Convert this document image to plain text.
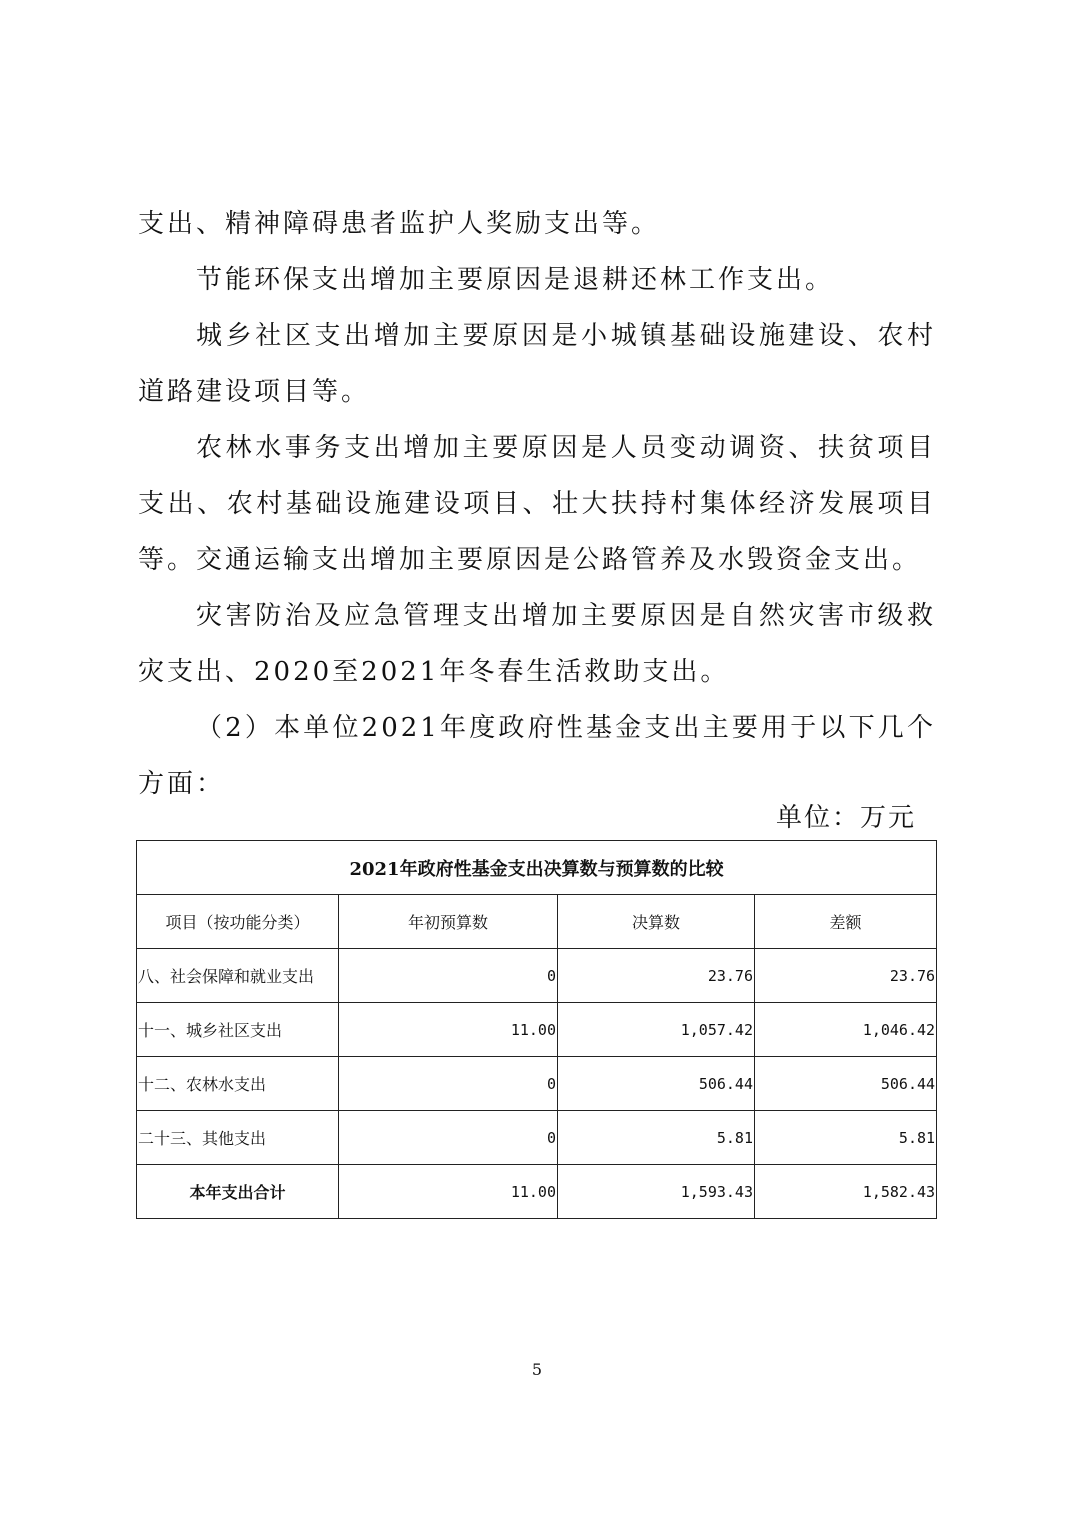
支出、精神障碍患者监护人奖励支出等。

节能环保支出增加主要原因是退耕还林工作支出。

城乡社区支出增加主要原因是小城镇基础设施建设、农村道路建设项目等。

农林水事务支出增加主要原因是人员变动调资、扶贫项目支出、农村基础设施建设项目、壮大扶持村集体经济发展项目等。 交通运输支出增加主要原因是公路管养及水毁资金支出。

灾害防治及应急管理支出增加主要原因是自然灾害市级救灾支出、2020至2021年冬春生活救助支出。

（2）本单位2021年度政府性基金支出主要用于以下几个方面：

单位：万元
2021年政府性基金支出决算数与预算数的比较			
项目（按功能分类）	年初预算数	决算数	差额
八、社会保障和就业支出	0	23.76	23.76
十一、城乡社区支出	11.00	1,057.42	1,046.42
十二、农林水支出	0	506.44	506.44
二十三、其他支出	0	5.81	5.81
本年支出合计	11.00	1,593.43	1,582.43
5
